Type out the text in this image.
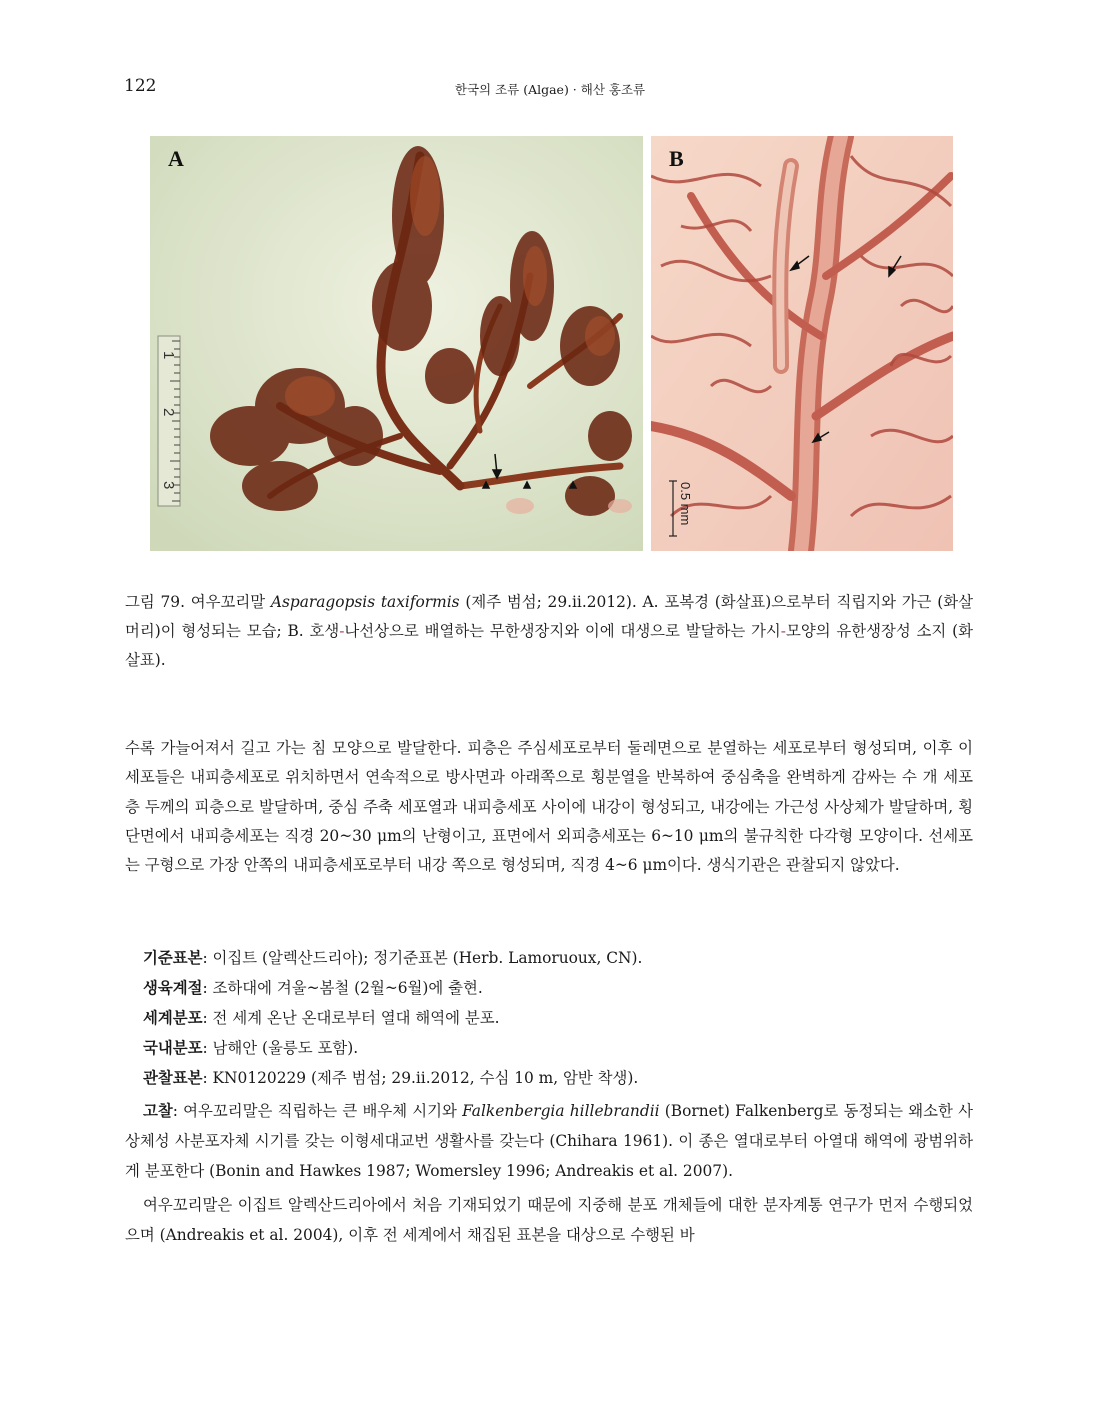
122	한국의 조류 (Algae) · 해산 홍조류
1
2
3
A
0.5 mm
B
그림 79. 여우꼬리말 Asparagopsis taxiformis (제주 범섬; 29.ii.2012). A. 포복경 (화살표)으로부터 직립지와 가근 (화살머리)이 형성되는 모습; B. 호생-나선상으로 배열하는 무한생장지와 이에 대생으로 발달하는 가시-모양의 유한생장성 소지 (화살표).
수록 가늘어져서 길고 가는 침 모양으로 발달한다. 피층은 주심세포로부터 둘레면으로 분열하는 세포로부터 형성되며, 이후 이 세포들은 내피층세포로 위치하면서 연속적으로 방사면과 아래쪽으로 횡분열을 반복하여 중심축을 완벽하게 감싸는 수 개 세포층 두께의 피층으로 발달하며, 중심 주축 세포열과 내피층세포 사이에 내강이 형성되고, 내강에는 가근성 사상체가 발달하며, 횡단면에서 내피층세포는 직경 20~30 μm의 난형이고, 표면에서 외피층세포는 6~10 μm의 불규칙한 다각형 모양이다. 선세포는 구형으로 가장 안쪽의 내피층세포로부터 내강 쪽으로 형성되며, 직경 4~6 μm이다. 생식기관은 관찰되지 않았다.
기준표본: 이집트 (알렉산드리아); 정기준표본 (Herb. Lamoruoux, CN).
생육계절: 조하대에 겨울~봄철 (2월~6월)에 출현.
세계분포: 전 세계 온난 온대로부터 열대 해역에 분포.
국내분포: 남해안 (울릉도 포함).
관찰표본: KN0120229 (제주 범섬; 29.ii.2012, 수심 10 m, 암반 착생).

고찰: 여우꼬리말은 직립하는 큰 배우체 시기와 Falkenbergia hillebrandii (Bornet) Falkenberg로 동정되는 왜소한 사상체성 사분포자체 시기를 갖는 이형세대교번 생활사를 갖는다 (Chihara 1961). 이 종은 열대로부터 아열대 해역에 광범위하게 분포한다 (Bonin and Hawkes 1987; Womersley 1996; Andreakis et al. 2007).

여우꼬리말은 이집트 알렉산드리아에서 처음 기재되었기 때문에 지중해 분포 개체들에 대한 분자계통 연구가 먼저 수행되었으며 (Andreakis et al. 2004), 이후 전 세계에서 채집된 표본을 대상으로 수행된 바
